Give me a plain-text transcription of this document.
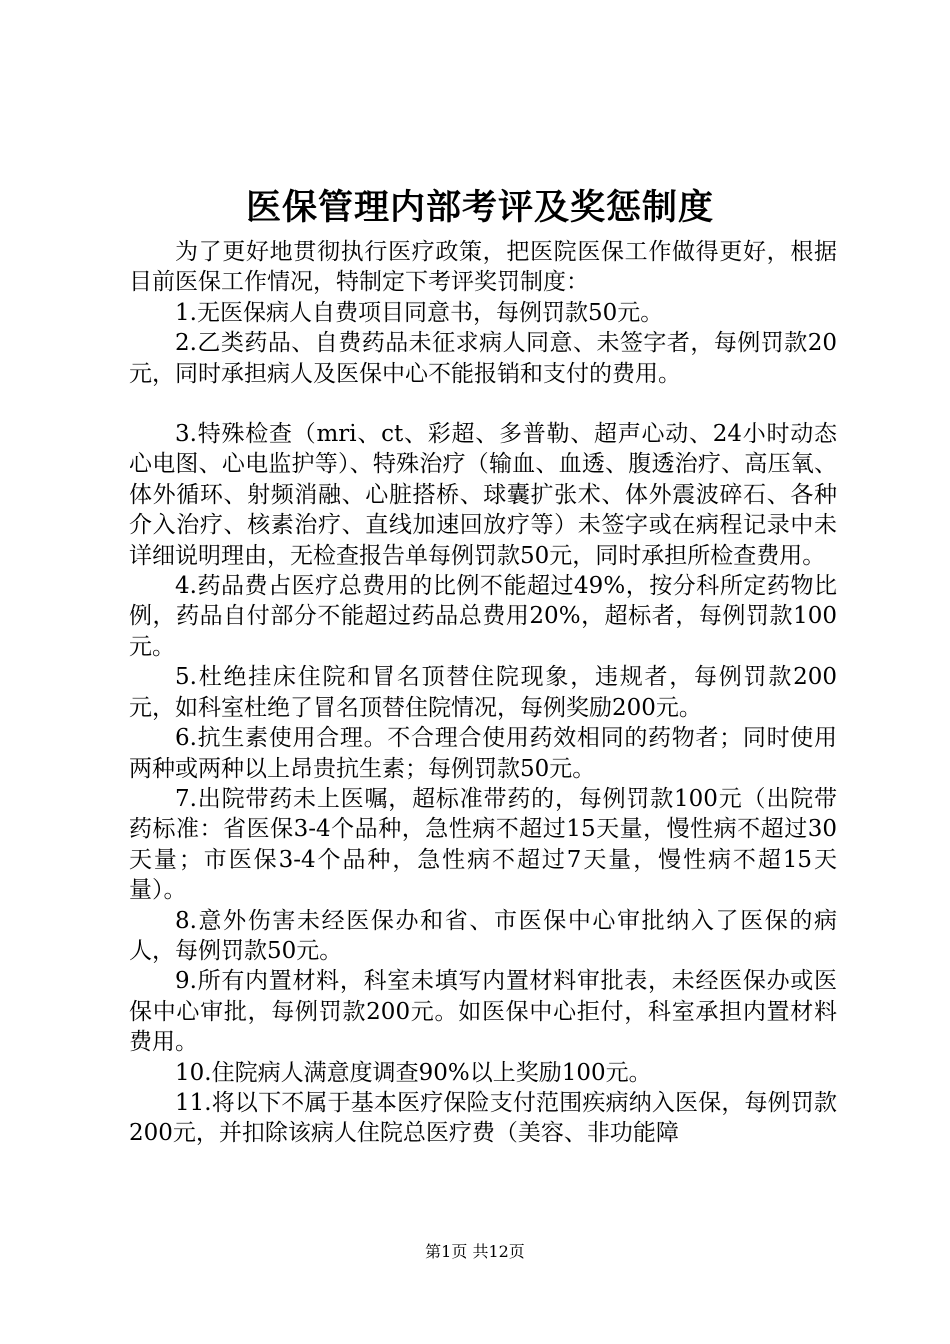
医保管理内部考评及奖惩制度

为了更好地贯彻执行医疗政策，把医院医保工作做得更好，根据目前医保工作情况，特制定下考评奖罚制度：

1.无医保病人自费项目同意书，每例罚款50元。

2.乙类药品、自费药品未征求病人同意、未签字者，每例罚款20元，同时承担病人及医保中心不能报销和支付的费用。

3.特殊检查（mri、ct、彩超、多普勒、超声心动、24小时动态心电图、心电监护等）、特殊治疗（输血、血透、腹透治疗、高压氧、体外循环、射频消融、心脏搭桥、球囊扩张术、体外震波碎石、各种介入治疗、核素治疗、直线加速回放疗等）未签字或在病程记录中未详细说明理由，无检查报告单每例罚款50元，同时承担所检查费用。

4.药品费占医疗总费用的比例不能超过49%，按分科所定药物比例，药品自付部分不能超过药品总费用20%，超标者，每例罚款100元。

5.杜绝挂床住院和冒名顶替住院现象，违规者，每例罚款200元，如科室杜绝了冒名顶替住院情况，每例奖励200元。

6.抗生素使用合理。不合理合使用药效相同的药物者；同时使用两种或两种以上昂贵抗生素；每例罚款50元。

7.出院带药未上医嘱，超标准带药的，每例罚款100元（出院带药标准：省医保3-4个品种，急性病不超过15天量，慢性病不超过30天量；市医保3-4个品种，急性病不超过7天量，慢性病不超15天量）。

8.意外伤害未经医保办和省、市医保中心审批纳入了医保的病人，每例罚款50元。

9.所有内置材料，科室未填写内置材料审批表，未经医保办或医保中心审批，每例罚款200元。如医保中心拒付，科室承担内置材料费用。

10.住院病人满意度调查90%以上奖励100元。

11.将以下不属于基本医疗保险支付范围疾病纳入医保，每例罚款200元，并扣除该病人住院总医疗费（美容、非功能障

第1页 共12页
